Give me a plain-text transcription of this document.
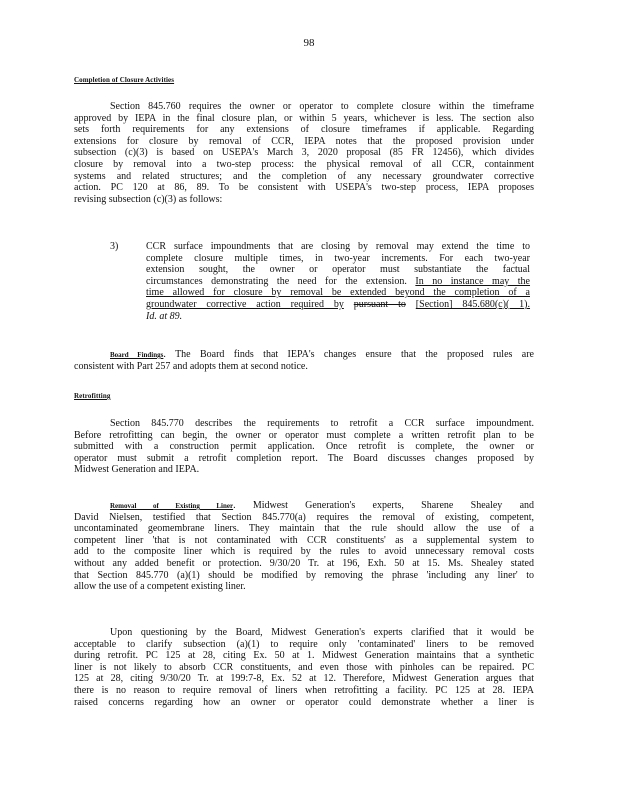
98
Completion of Closure Activities
Section 845.760 requires the owner or operator to complete closure within the timeframe
approved by IEPA in the final closure plan, or within 5 years, whichever is less. The section also
sets forth requirements for any extensions of closure timeframes if applicable. Regarding
extensions for closure by removal of CCR, IEPA notes that the proposed provision under
subsection (c)(3) is based on USEPA's March 3, 2020 proposal (85 FR 12456), which divides
closure by removal into a two-step process: the physical removal of all CCR, containment
systems and related structures; and the completion of any necessary groundwater corrective
action. PC 120 at 86, 89. To be consistent with USEPA's two-step process, IEPA proposes
revising subsection (c)(3) as follows:
3)	CCR surface impoundments that are closing by removal may extend the time to
complete closure multiple times, in two-year increments. For each two-year
extension sought, the owner or operator must substantiate the factual
circumstances demonstrating the need for the extension. In no instance may the
time allowed for closure by removal be extended beyond the completion of a
groundwater corrective action required by pursuant to [Section] 845.680(c)( 1).
Id. at 89.
Board Findings. The Board finds that IEPA's changes ensure that the proposed rules are
consistent with Part 257 and adopts them at second notice.
Retrofitting
Section 845.770 describes the requirements to retrofit a CCR surface impoundment.
Before retrofitting can begin, the owner or operator must complete a written retrofit plan to be
submitted with a construction permit application. Once retrofit is complete, the owner or
operator must submit a retrofit completion report. The Board discusses changes proposed by
Midwest Generation and IEPA.
Removal of Existing Liner. Midwest Generation's experts, Sharene Shealey and
David Nielsen, testified that Section 845.770(a) requires the removal of existing, competent,
uncontaminated geomembrane liners. They maintain that the rule should allow the use of a
competent liner 'that is not contaminated with CCR constituents' as a supplemental system to
add to the composite liner which is required by the rules to avoid unnecessary removal costs
without any added benefit or protection. 9/30/20 Tr. at 196, Exh. 50 at 15. Ms. Shealey stated
that Section 845.770 (a)(1) should be modified by removing the phrase 'including any liner' to
allow the use of a competent existing liner.
Upon questioning by the Board, Midwest Generation's experts clarified that it would be
acceptable to clarify subsection (a)(1) to require only 'contaminated' liners to be removed
during retrofit. PC 125 at 28, citing Ex. 50 at 1. Midwest Generation maintains that a synthetic
liner is not likely to absorb CCR constituents, and even those with pinholes can be repaired. PC
125 at 28, citing 9/30/20 Tr. at 199:7-8, Ex. 52 at 12. Therefore, Midwest Generation argues that
there is no reason to require removal of liners when retrofitting a facility. PC 125 at 28. IEPA
raised concerns regarding how an owner or operator could demonstrate whether a liner is
